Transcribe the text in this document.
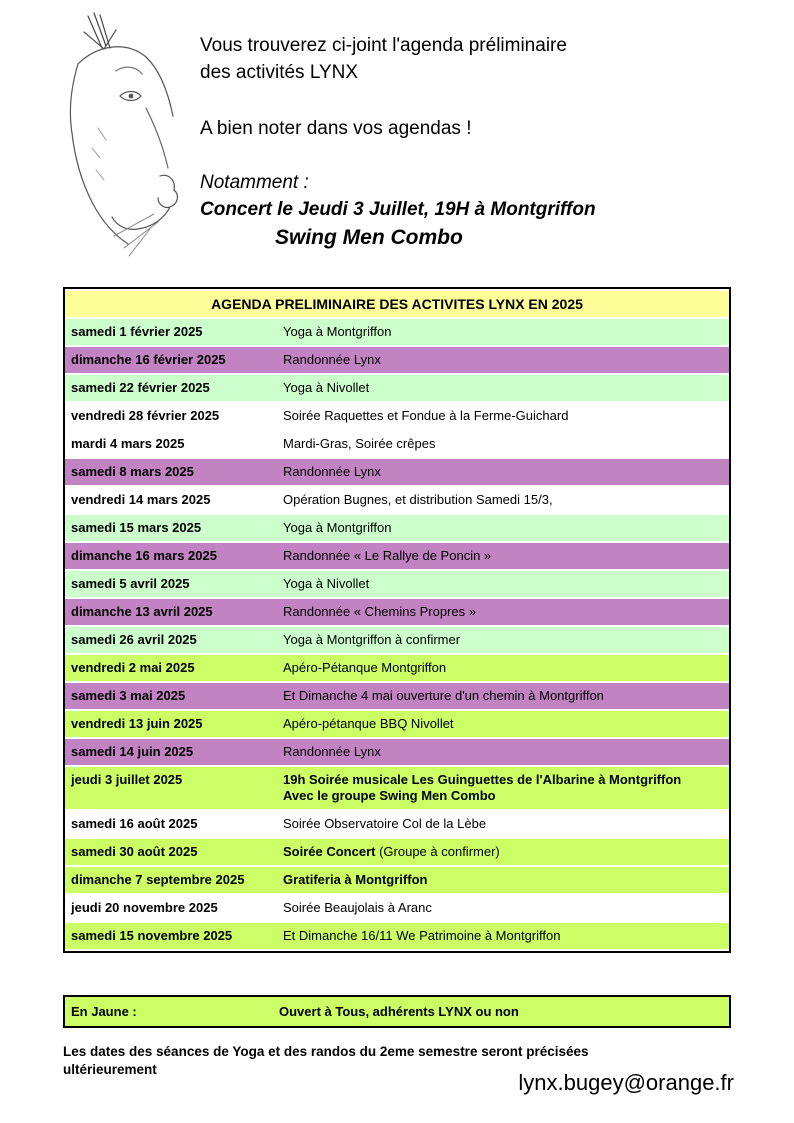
Vous trouverez ci-joint l'agenda préliminaire

des activités LYNX

A bien noter dans vos agendas !

Notamment :

Concert le Jeudi 3 Juillet, 19H à Montgriffon

Swing Men Combo

AGENDA PRELIMINAIRE DES ACTIVITES LYNX EN 2025	
samedi 1 février 2025	Yoga à Montgriffon
dimanche 16 février 2025	Randonnée Lynx
samedi 22 février 2025	Yoga à Nivollet
vendredi 28 février 2025	Soirée Raquettes et Fondue à la Ferme-Guichard
mardi 4 mars 2025	Mardi-Gras, Soirée crêpes
samedi 8 mars 2025	Randonnée Lynx
vendredi 14 mars 2025	Opération Bugnes, et distribution Samedi 15/3,
samedi 15 mars 2025	Yoga à Montgriffon
dimanche 16 mars 2025	Randonnée « Le Rallye de Poncin »
samedi 5 avril 2025	Yoga à Nivollet
dimanche 13 avril 2025	Randonnée « Chemins Propres »
samedi 26 avril 2025	Yoga à Montgriffon à confirmer
vendredi 2 mai 2025	Apéro-Pétanque Montgriffon
samedi 3 mai 2025	Et Dimanche 4 mai ouverture d'un chemin à Montgriffon
vendredi 13 juin 2025	Apéro-pétanque BBQ Nivollet
samedi 14 juin 2025	Randonnée Lynx
jeudi 3 juillet 2025	19h Soirée musicale Les Guinguettes de l'Albarine à Montgriffon
Avec le groupe Swing Men Combo

samedi 16 août 2025	Soirée Observatoire Col de la Lèbe
samedi 30 août 2025	Soirée Concert (Groupe à confirmer)
dimanche 7 septembre 2025	Gratiferia à Montgriffon
jeudi 20 novembre 2025	Soirée Beaujolais à Aranc
samedi 15 novembre 2025	Et Dimanche 16/11 We Patrimoine à Montgriffon
En Jaune :	Ouvert à Tous, adhérents LYNX ou non

Les dates des séances de Yoga et des randos du 2eme semestre seront précisées ultérieurement

lynx.bugey@orange.fr
